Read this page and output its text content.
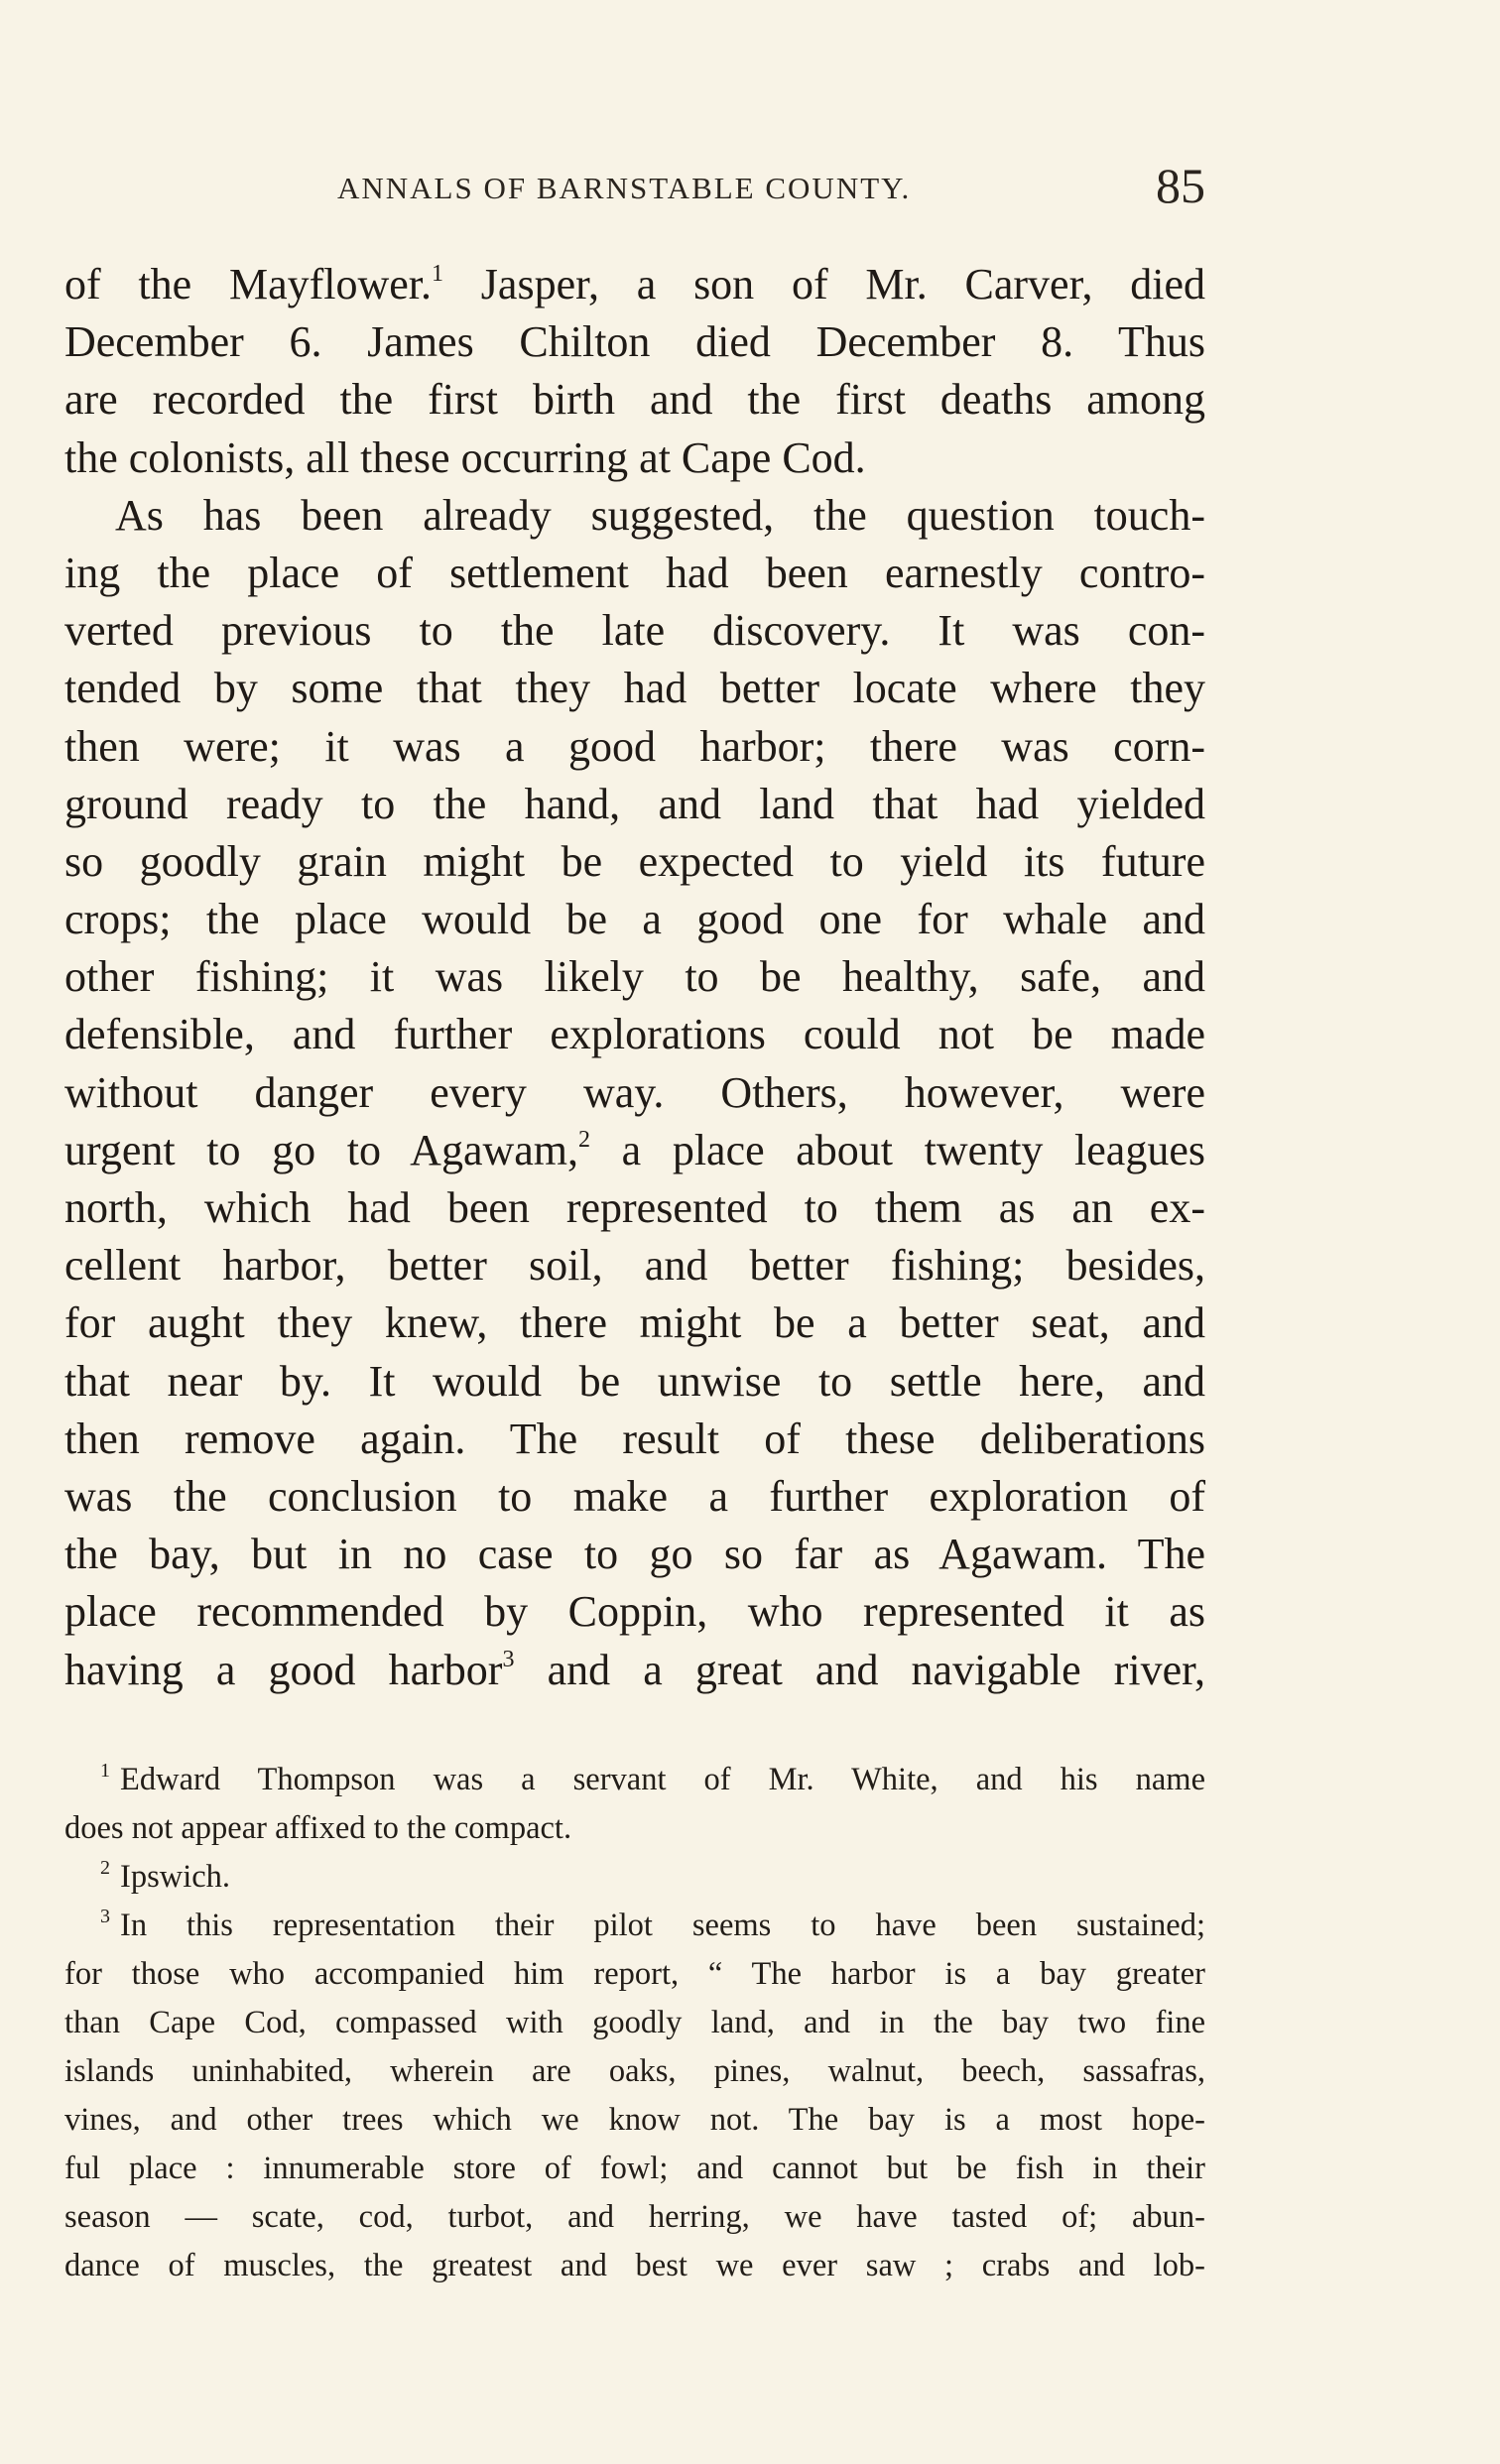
ANNALS OF BARNSTABLE COUNTY.	85
of the Mayflower.$^1$ Jasper, a son of Mr. Carver, died
December 6. James Chilton died December 8. Thus
are recorded the first birth and the first deaths among
the colonists, all these occurring at Cape Cod.
As has been already suggested, the question touch-
ing the place of settlement had been earnestly contro-
verted previous to the late discovery. It was con-
tended by some that they had better locate where they
then were; it was a good harbor; there was corn-
ground ready to the hand, and land that had yielded
so goodly grain might be expected to yield its future
crops; the place would be a good one for whale and
other fishing; it was likely to be healthy, safe, and
defensible, and further explorations could not be made
without danger every way. Others, however, were
urgent to go to Agawam,$^2$ a place about twenty leagues
north, which had been represented to them as an ex-
cellent harbor, better soil, and better fishing; besides,
for aught they knew, there might be a better seat, and
that near by. It would be unwise to settle here, and
then remove again. The result of these deliberations
was the conclusion to make a further exploration of
the bay, but in no case to go so far as Agawam. The
place recommended by Coppin, who represented it as
having a good harbor$^3$ and a great and navigable river,
$^1$ Edward Thompson was a servant of Mr. White, and his name
does not appear affixed to the compact.
$^2$ Ipswich.
$^3$ In this representation their pilot seems to have been sustained;
for those who accompanied him report, “ The harbor is a bay greater
than Cape Cod, compassed with goodly land, and in the bay two fine
islands uninhabited, wherein are oaks, pines, walnut, beech, sassafras,
vines, and other trees which we know not. The bay is a most hope-
ful place : innumerable store of fowl; and cannot but be fish in their
season — scate, cod, turbot, and herring, we have tasted of; abun-
dance of muscles, the greatest and best we ever saw ; crabs and lob-
